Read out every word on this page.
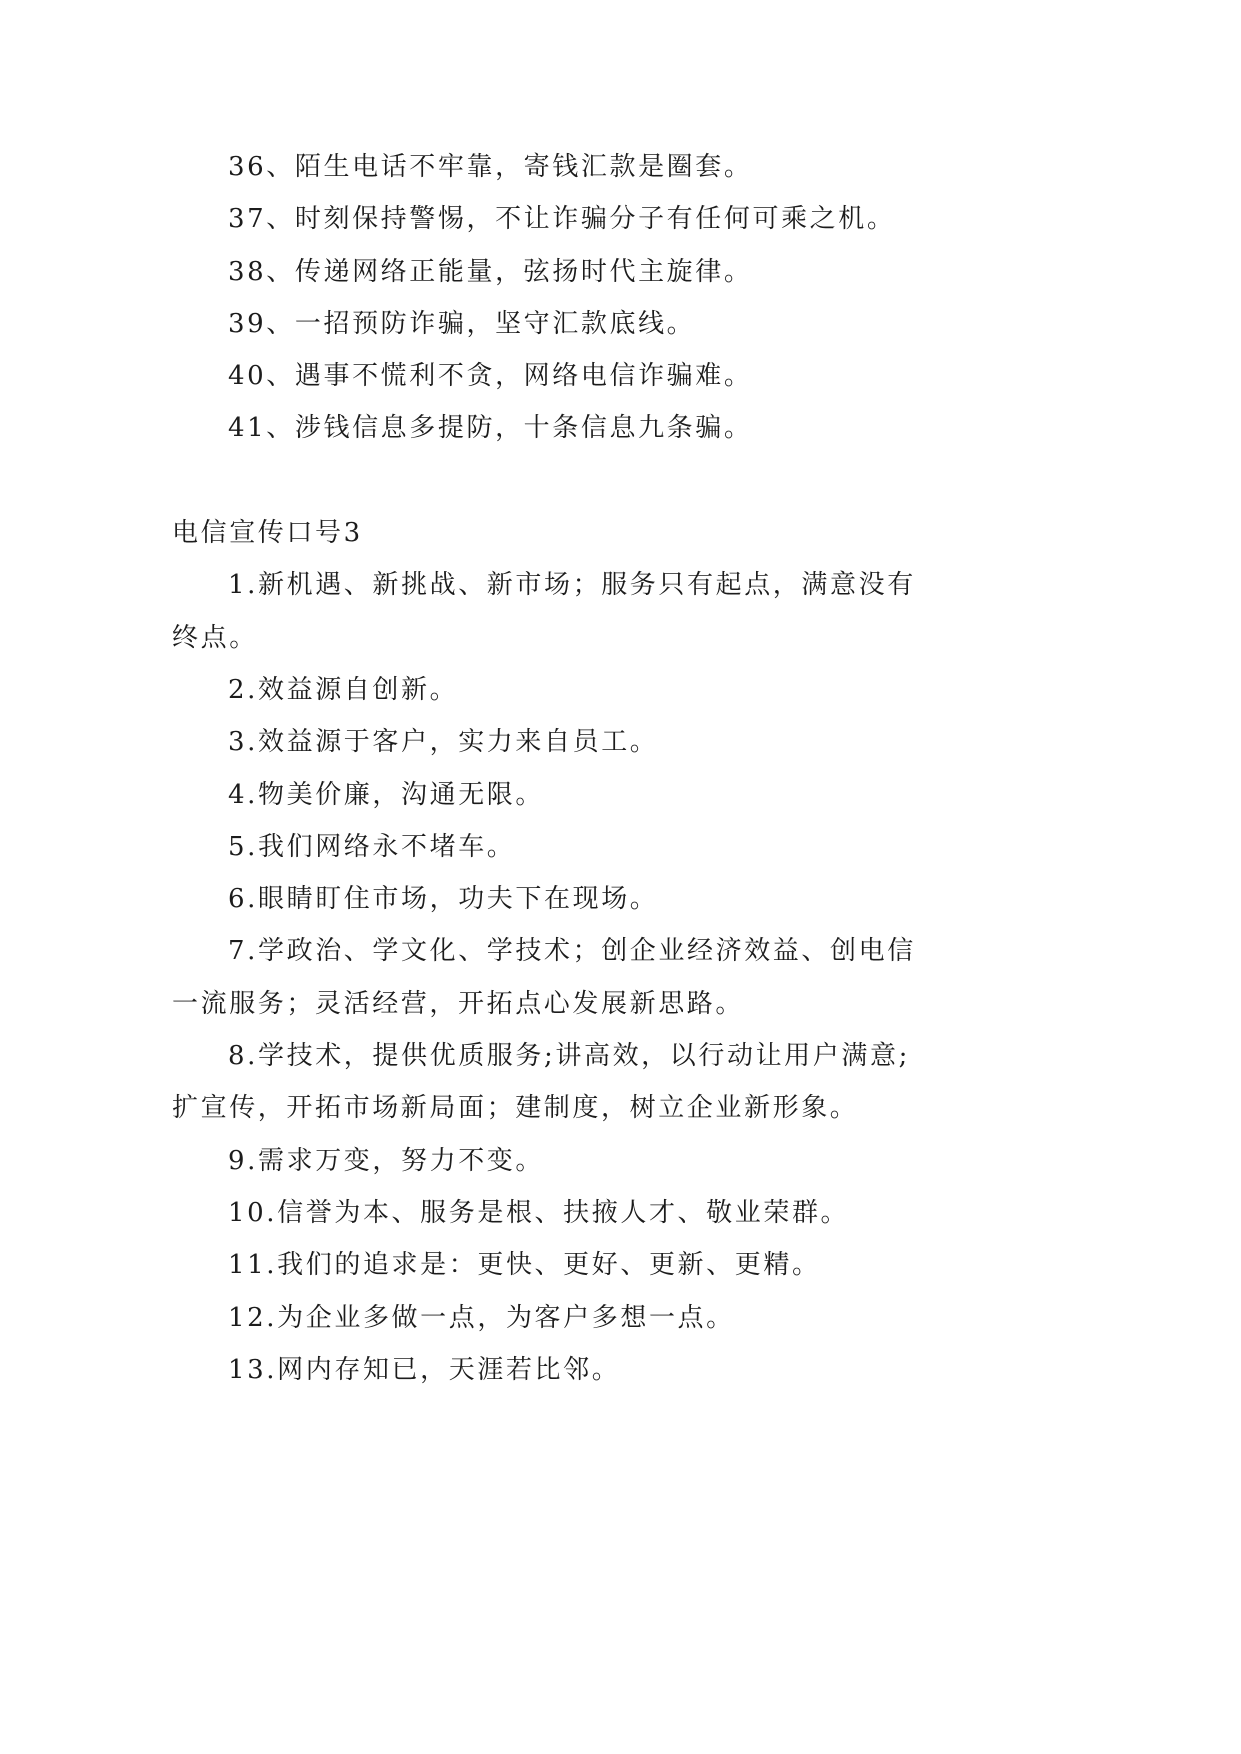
36、陌生电话不牢靠，寄钱汇款是圈套。
37、时刻保持警惕，不让诈骗分子有任何可乘之机。
38、传递网络正能量，弦扬时代主旋律。
39、一招预防诈骗，坚守汇款底线。
40、遇事不慌利不贪，网络电信诈骗难。
41、涉钱信息多提防，十条信息九条骗。
电信宣传口号3
1.新机遇、新挑战、新市场；服务只有起点，满意没有
终点。
2.效益源自创新。
3.效益源于客户，实力来自员工。
4.物美价廉，沟通无限。
5.我们网络永不堵车。
6.眼睛盯住市场，功夫下在现场。
7.学政治、学文化、学技术；创企业经济效益、创电信
一流服务；灵活经营，开拓点心发展新思路。
8.学技术，提供优质服务;讲高效，以行动让用户满意;
扩宣传，开拓市场新局面；建制度，树立企业新形象。
9.需求万变，努力不变。
10.信誉为本、服务是根、扶掖人才、敬业荣群。
11.我们的追求是：更快、更好、更新、更精。
12.为企业多做一点，为客户多想一点。
13.网内存知已，天涯若比邻。
